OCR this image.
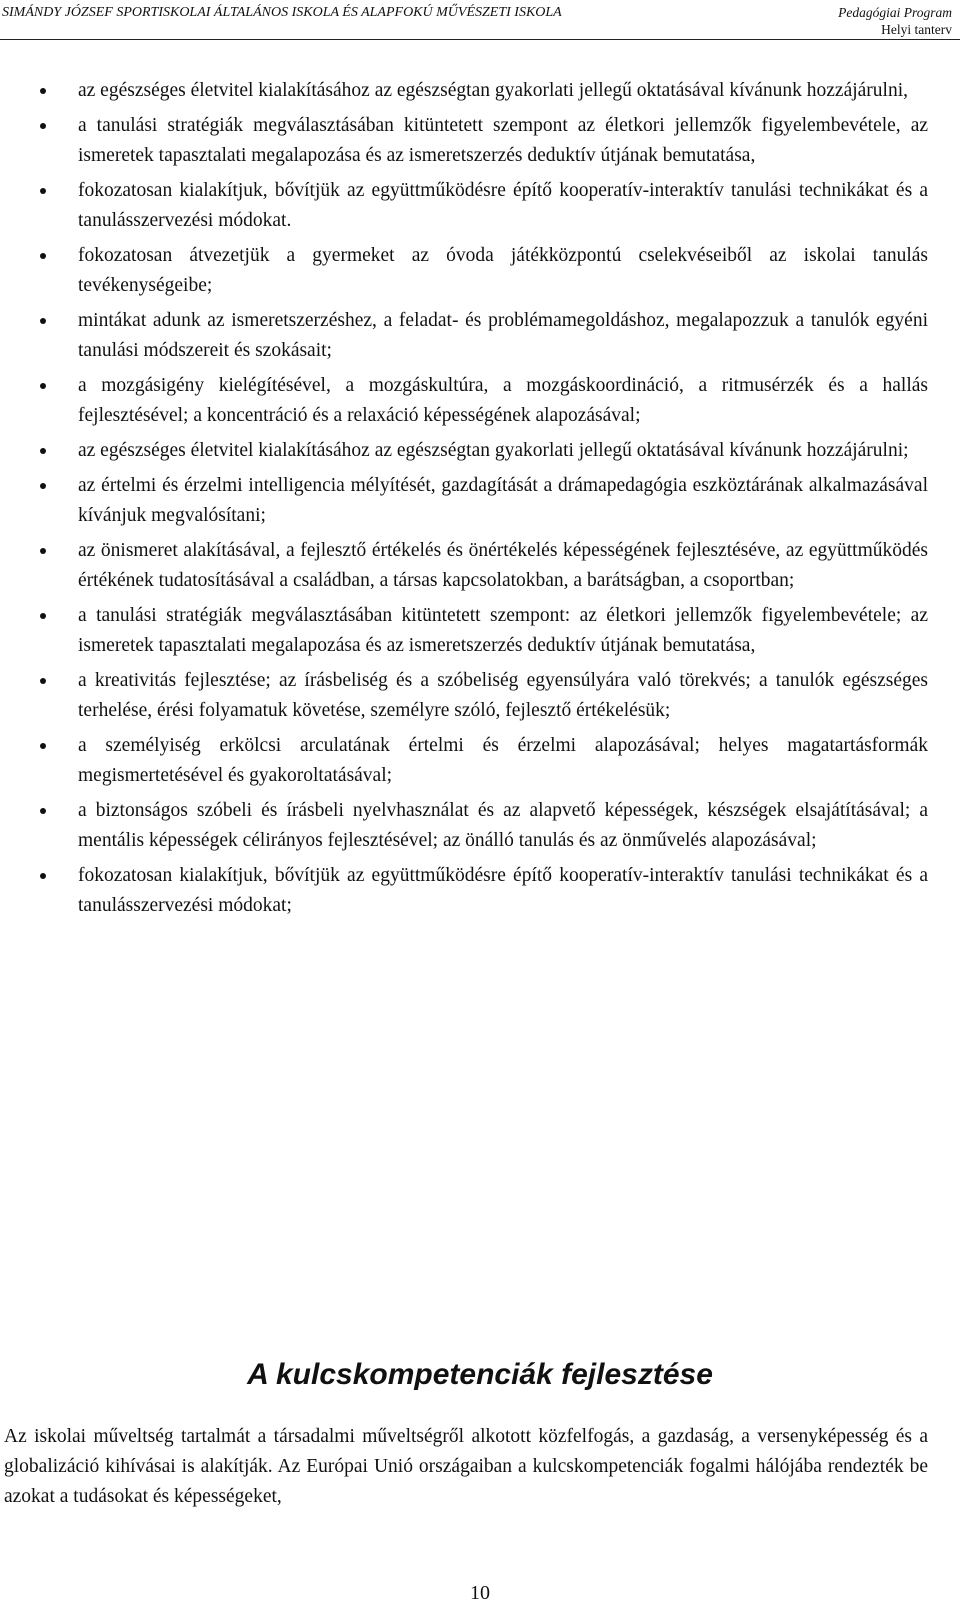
SIMÁNDY JÓZSEF SPORTISKOLAI ÁLTALÁNOS ISKOLA ÉS ALAPFOKÚ MŰVÉSZETI ISKOLA	Pedagógiai Program
Helyi tanterv
az egészséges életvitel kialakításához az egészségtan gyakorlati jellegű oktatásával kívánunk hozzájárulni,
a tanulási stratégiák megválasztásában kitüntetett szempont az életkori jellemzők figyelembevétele, az ismeretek tapasztalati megalapozása és az ismeretszerzés deduktív útjának bemutatása,
fokozatosan kialakítjuk, bővítjük az együttműködésre építő kooperatív-interaktív tanulási technikákat és a tanulásszervezési módokat.
fokozatosan átvezetjük a gyermeket az óvoda játékközpontú cselekvéseiből az iskolai tanulás tevékenységeibe;
mintákat adunk az ismeretszerzéshez, a feladat- és problémamegoldáshoz, megalapozzuk a tanulók egyéni tanulási módszereit és szokásait;
a mozgásigény kielégítésével, a mozgáskultúra, a mozgáskoordináció, a ritmusérzék és a hallás fejlesztésével; a koncentráció és a relaxáció képességének alapozásával;
az egészséges életvitel kialakításához az egészségtan gyakorlati jellegű oktatásával kívánunk hozzájárulni;
az értelmi és érzelmi intelligencia mélyítését, gazdagítását a drámapedagógia eszköztárának alkalmazásával kívánjuk megvalósítani;
az önismeret alakításával, a fejlesztő értékelés és önértékelés képességének fejlesztéséve, az együttműködés értékének tudatosításával a családban, a társas kapcsolatokban, a barátságban, a csoportban;
a tanulási stratégiák megválasztásában kitüntetett szempont: az életkori jellemzők figyelembevétele; az ismeretek tapasztalati megalapozása és az ismeretszerzés deduktív útjának bemutatása,
a kreativitás fejlesztése; az írásbeliség és a szóbeliség egyensúlyára való törekvés; a tanulók egészséges terhelése, érési folyamatuk követése, személyre szóló, fejlesztő értékelésük;
a személyiség erkölcsi arculatának értelmi és érzelmi alapozásával; helyes magatartásformák megismertetésével és gyakoroltatásával;
a biztonságos szóbeli és írásbeli nyelvhasználat és az alapvető képességek, készségek elsajátításával; a mentális képességek célirányos fejlesztésével; az önálló tanulás és az önművelés alapozásával;
fokozatosan kialakítjuk, bővítjük az együttműködésre építő kooperatív-interaktív tanulási technikákat és a tanulásszervezési módokat;
A kulcskompetenciák fejlesztése

Az iskolai műveltség tartalmát a társadalmi műveltségről alkotott közfelfogás, a gazdaság, a versenyképesség és a globalizáció kihívásai is alakítják. Az Európai Unió országaiban a kulcskompetenciák fogalmi hálójába rendezték be azokat a tudásokat és képességeket,

10
